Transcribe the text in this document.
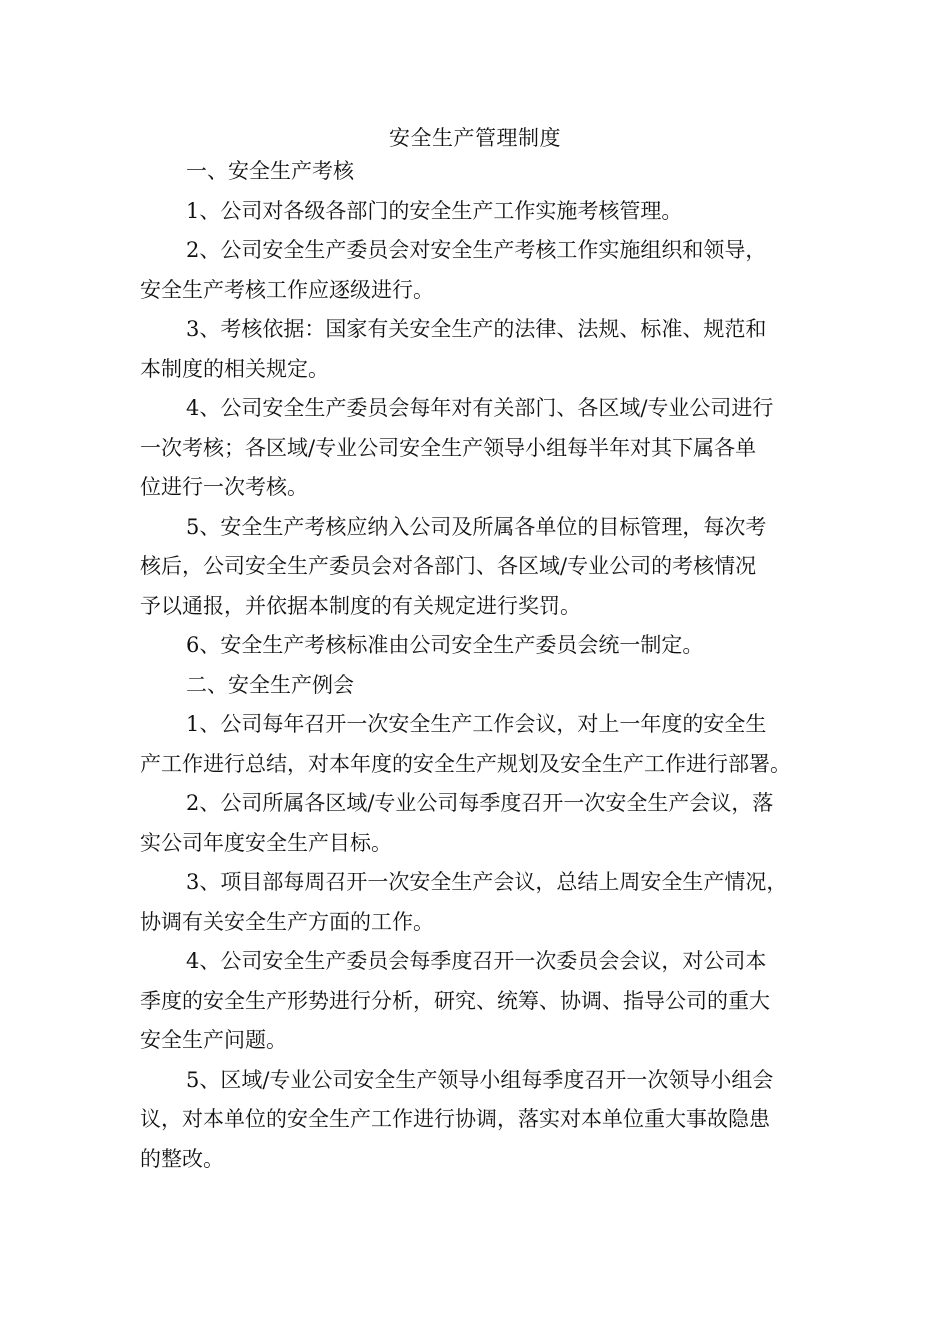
安全生产管理制度
一、安全生产考核
1、公司对各级各部门的安全生产工作实施考核管理。
2、公司安全生产委员会对安全生产考核工作实施组织和领导，
安全生产考核工作应逐级进行。
3、考核依据：国家有关安全生产的法律、法规、标准、规范和
本制度的相关规定。
4、公司安全生产委员会每年对有关部门、各区域/专业公司进行
一次考核；各区域/专业公司安全生产领导小组每半年对其下属各单
位进行一次考核。
5、安全生产考核应纳入公司及所属各单位的目标管理，每次考
核后，公司安全生产委员会对各部门、各区域/专业公司的考核情况
予以通报，并依据本制度的有关规定进行奖罚。
6、安全生产考核标准由公司安全生产委员会统一制定。
二、安全生产例会
1、公司每年召开一次安全生产工作会议，对上一年度的安全生
产工作进行总结，对本年度的安全生产规划及安全生产工作进行部署。
2、公司所属各区域/专业公司每季度召开一次安全生产会议，落
实公司年度安全生产目标。
3、项目部每周召开一次安全生产会议，总结上周安全生产情况，
协调有关安全生产方面的工作。
4、公司安全生产委员会每季度召开一次委员会会议，对公司本
季度的安全生产形势进行分析，研究、统筹、协调、指导公司的重大
安全生产问题。
5、区域/专业公司安全生产领导小组每季度召开一次领导小组会
议，对本单位的安全生产工作进行协调，落实对本单位重大事故隐患
的整改。
